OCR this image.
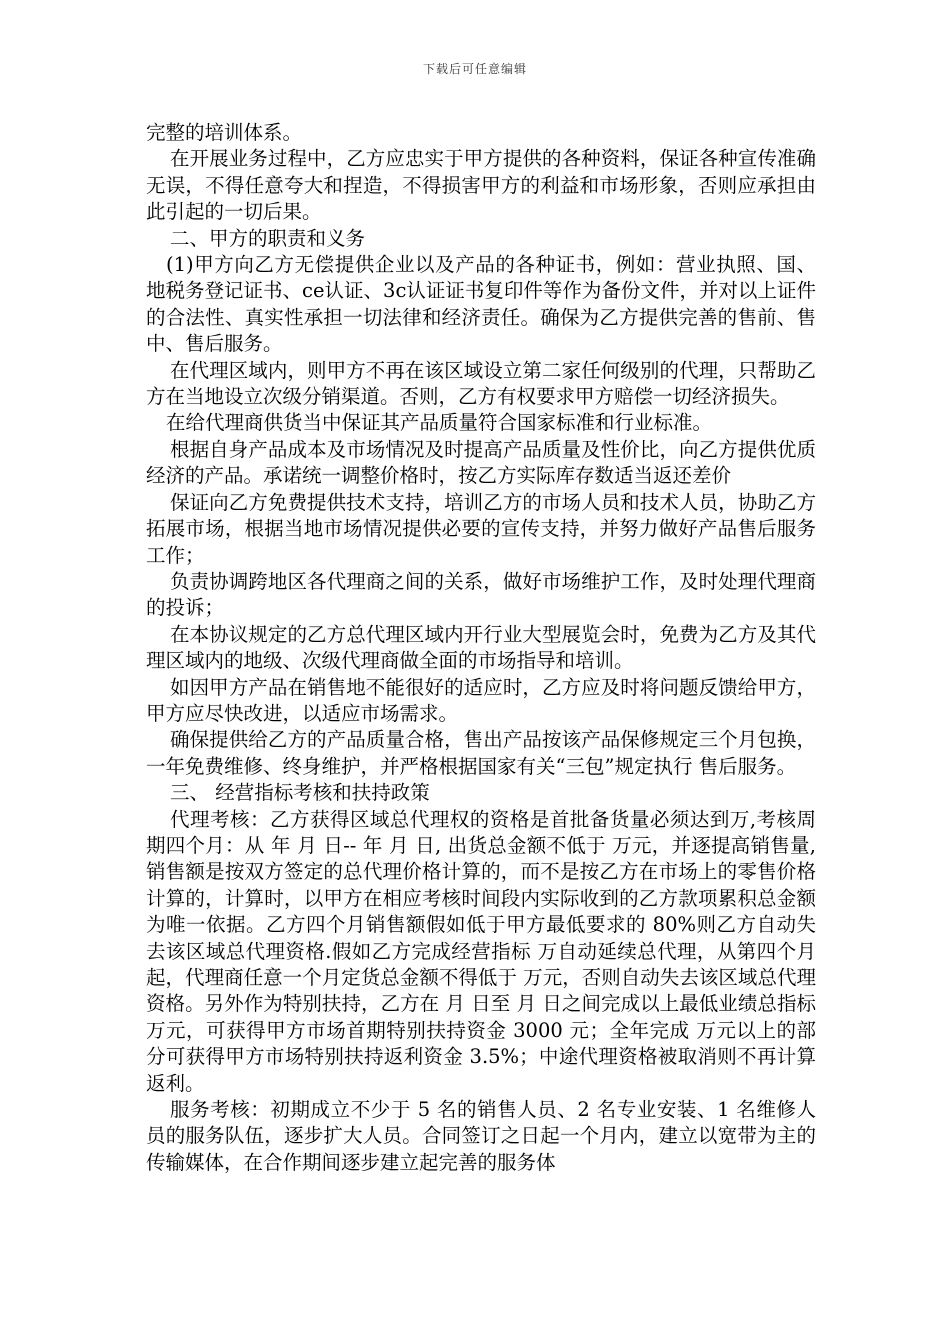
下载后可任意编辑

完整的培训体系。

在开展业务过程中，乙方应忠实于甲方提供的各种资料，保证各种宣传准确无误，不得任意夸大和捏造，不得损害甲方的利益和市场形象，否则应承担由此引起的一切后果。

二、甲方的职责和义务

(1)甲方向乙方无偿提供企业以及产品的各种证书，例如：营业执照、国、地税务登记证书、ce认证、3c认证证书复印件等作为备份文件，并对以上证件的合法性、真实性承担一切法律和经济责任。确保为乙方提供完善的售前、售中、售后服务。

在代理区域内，则甲方不再在该区域设立第二家任何级别的代理，只帮助乙方在当地设立次级分销渠道。否则，乙方有权要求甲方赔偿一切经济损失。

在给代理商供货当中保证其产品质量符合国家标准和行业标准。

根据自身产品成本及市场情况及时提高产品质量及性价比，向乙方提供优质经济的产品。承诺统一调整价格时，按乙方实际库存数适当返还差价

保证向乙方免费提供技术支持，培训乙方的市场人员和技术人员，协助乙方拓展市场，根据当地市场情况提供必要的宣传支持，并努力做好产品售后服务工作；

负责协调跨地区各代理商之间的关系，做好市场维护工作，及时处理代理商的投诉；

在本协议规定的乙方总代理区域内开行业大型展览会时，免费为乙方及其代理区域内的地级、次级代理商做全面的市场指导和培训。

如因甲方产品在销售地不能很好的适应时，乙方应及时将问题反馈给甲方，甲方应尽快改进，以适应市场需求。

确保提供给乙方的产品质量合格，售出产品按该产品保修规定三个月包换，一年免费维修、终身维护，并严格根据国家有关“三包”规定执行 售后服务。

三、 经营指标考核和扶持政策

代理考核：乙方获得区域总代理权的资格是首批备货量必须达到万,考核周期四个月：从 年 月 日-- 年 月 日, 出货总金额不低于 万元，并逐提高销售量,销售额是按双方签定的总代理价格计算的，而不是按乙方在市场上的零售价格计算的，计算时，以甲方在相应考核时间段内实际收到的乙方款项累积总金额为唯一依据。乙方四个月销售额假如低于甲方最低要求的 80%则乙方自动失去该区域总代理资格.假如乙方完成经营指标 万自动延续总代理，从第四个月起，代理商任意一个月定货总金额不得低于 万元，否则自动失去该区域总代理资格。另外作为特别扶持，乙方在 月 日至 月 日之间完成以上最低业绩总指标 万元，可获得甲方市场首期特别扶持资金 3000 元；全年完成 万元以上的部分可获得甲方市场特别扶持返利资金 3.5%；中途代理资格被取消则不再计算返利。

服务考核：初期成立不少于 5 名的销售人员、2 名专业安装、1 名维修人员的服务队伍，逐步扩大人员。合同签订之日起一个月内，建立以宽带为主的传输媒体，在合作期间逐步建立起完善的服务体
